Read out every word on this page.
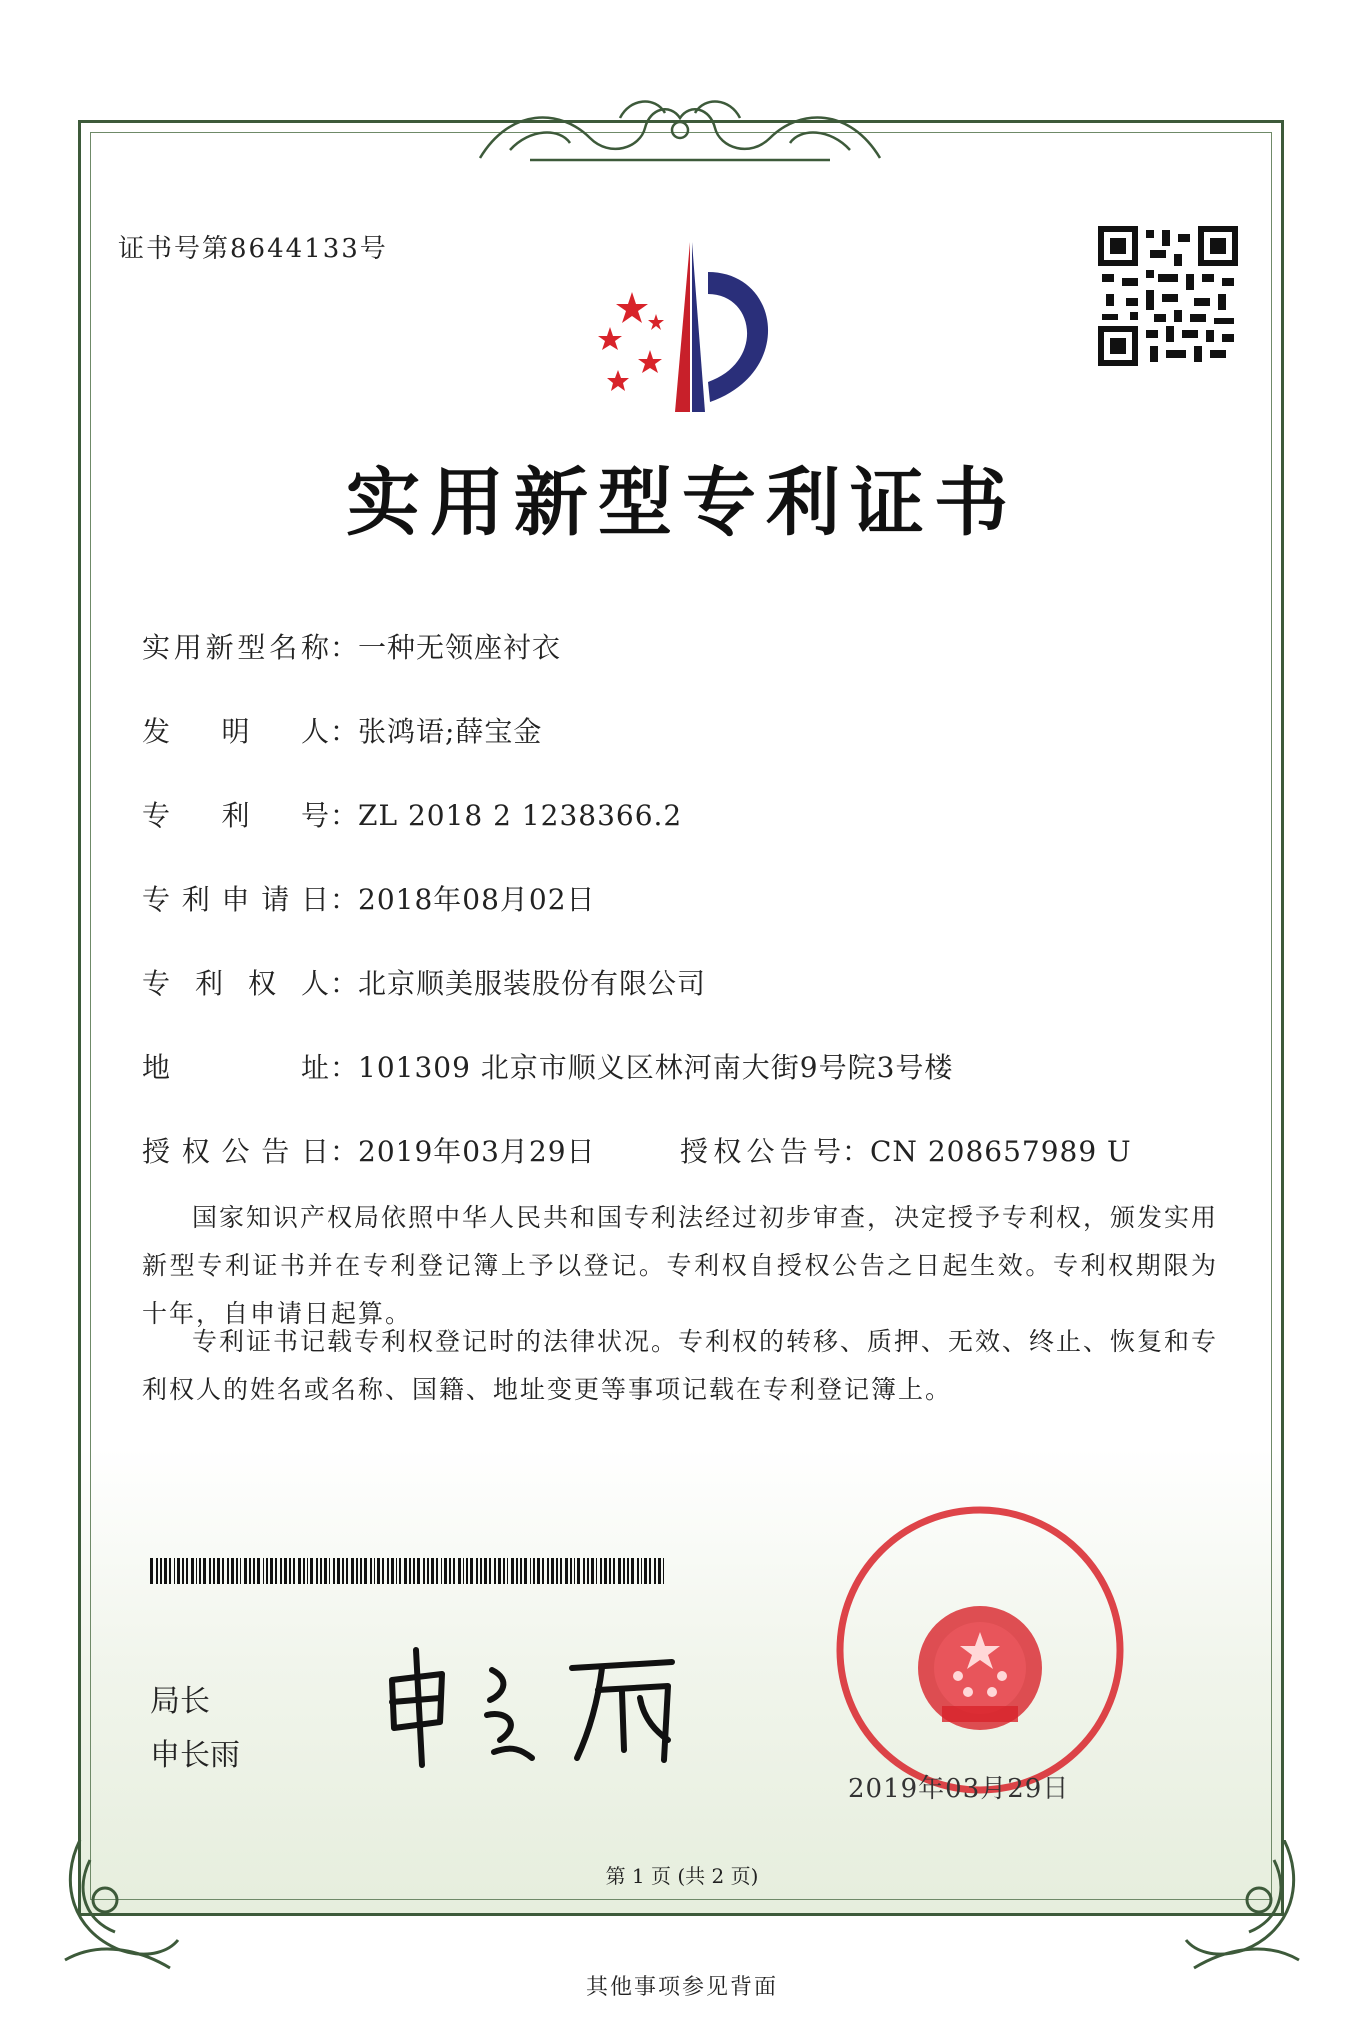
证书号第8644133号
实用新型专利证书
实用新型名称：一种无领座衬衣
发明人：张鸿语;薛宝金
专利号：ZL 2018 2 1238366.2
专利申请日：2018年08月02日
专利权人：北京顺美服装股份有限公司
地址：101309 北京市顺义区林河南大街9号院3号楼
授权公告日：2019年03月29日	授权公告号：CN 208657989 U
国家知识产权局依照中华人民共和国专利法经过初步审查，决定授予专利权，颁发实用新型专利证书并在专利登记簿上予以登记。专利权自授权公告之日起生效。专利权期限为十年，自申请日起算。
专利证书记载专利权登记时的法律状况。专利权的转移、质押、无效、终止、恢复和专利权人的姓名或名称、国籍、地址变更等事项记载在专利登记簿上。
局长
申长雨
2019年03月29日
第 1 页 (共 2 页)
其他事项参见背面
